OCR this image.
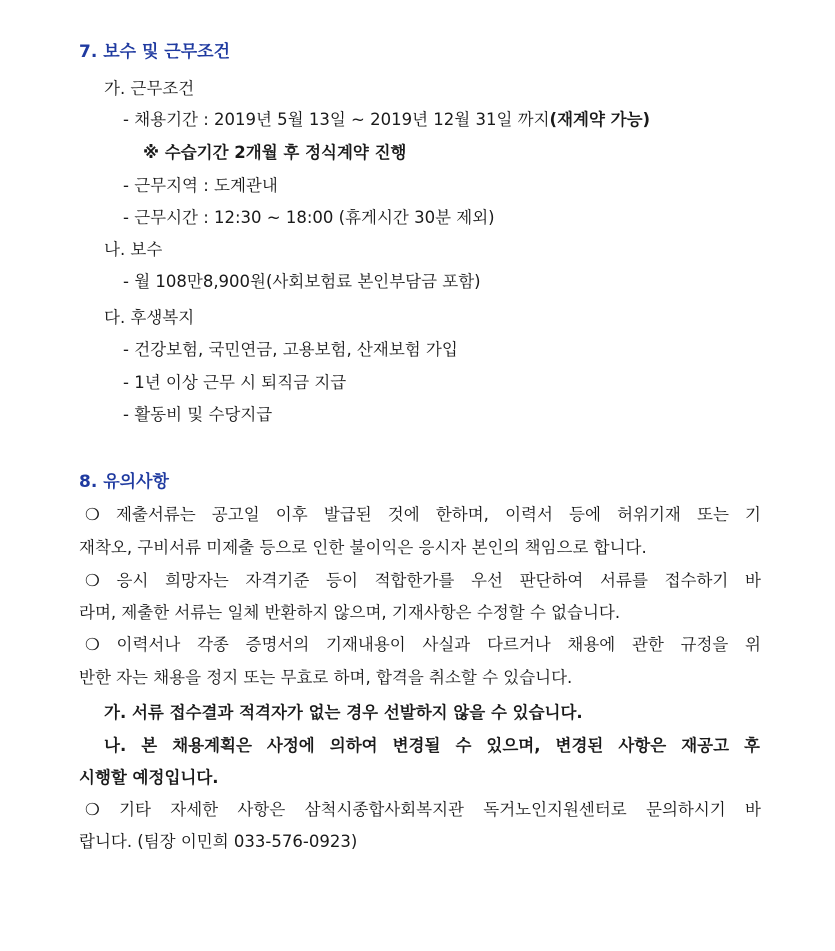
7. 보수 및 근무조건
가. 근무조건
- 채용기간 : 2019년 5월 13일 ~ 2019년 12월 31일 까지(재계약 가능)
※ 수습기간 2개월 후 정식계약 진행
- 근무지역 : 도계관내
- 근무시간 : 12:30 ~ 18:00 (휴게시간 30분 제외)
나. 보수
- 월 108만8,900원(사회보험료 본인부담금 포함)
다. 후생복지
- 건강보험, 국민연금, 고용보험, 산재보험 가입
- 1년 이상 근무 시 퇴직금 지급
- 활동비 및 수당지급
8. 유의사항
❍ 제출서류는 공고일 이후 발급된 것에 한하며, 이력서 등에 허위기재 또는 기
재착오, 구비서류 미제출 등으로 인한 불이익은 응시자 본인의 책임으로 합니다.
❍ 응시 희망자는 자격기준 등이 적합한가를 우선 판단하여 서류를 접수하기 바
라며, 제출한 서류는 일체 반환하지 않으며, 기재사항은 수정할 수 없습니다.
❍ 이력서나 각종 증명서의 기재내용이 사실과 다르거나 채용에 관한 규정을 위
반한 자는 채용을 정지 또는 무효로 하며, 합격을 취소할 수 있습니다.
가. 서류 접수결과 적격자가 없는 경우 선발하지 않을 수 있습니다.
나. 본 채용계획은 사정에 의하여 변경될 수 있으며, 변경된 사항은 재공고 후
시행할 예정입니다.
❍ 기타 자세한 사항은 삼척시종합사회복지관 독거노인지원센터로 문의하시기 바
랍니다. (팀장 이민희 033-576-0923)
